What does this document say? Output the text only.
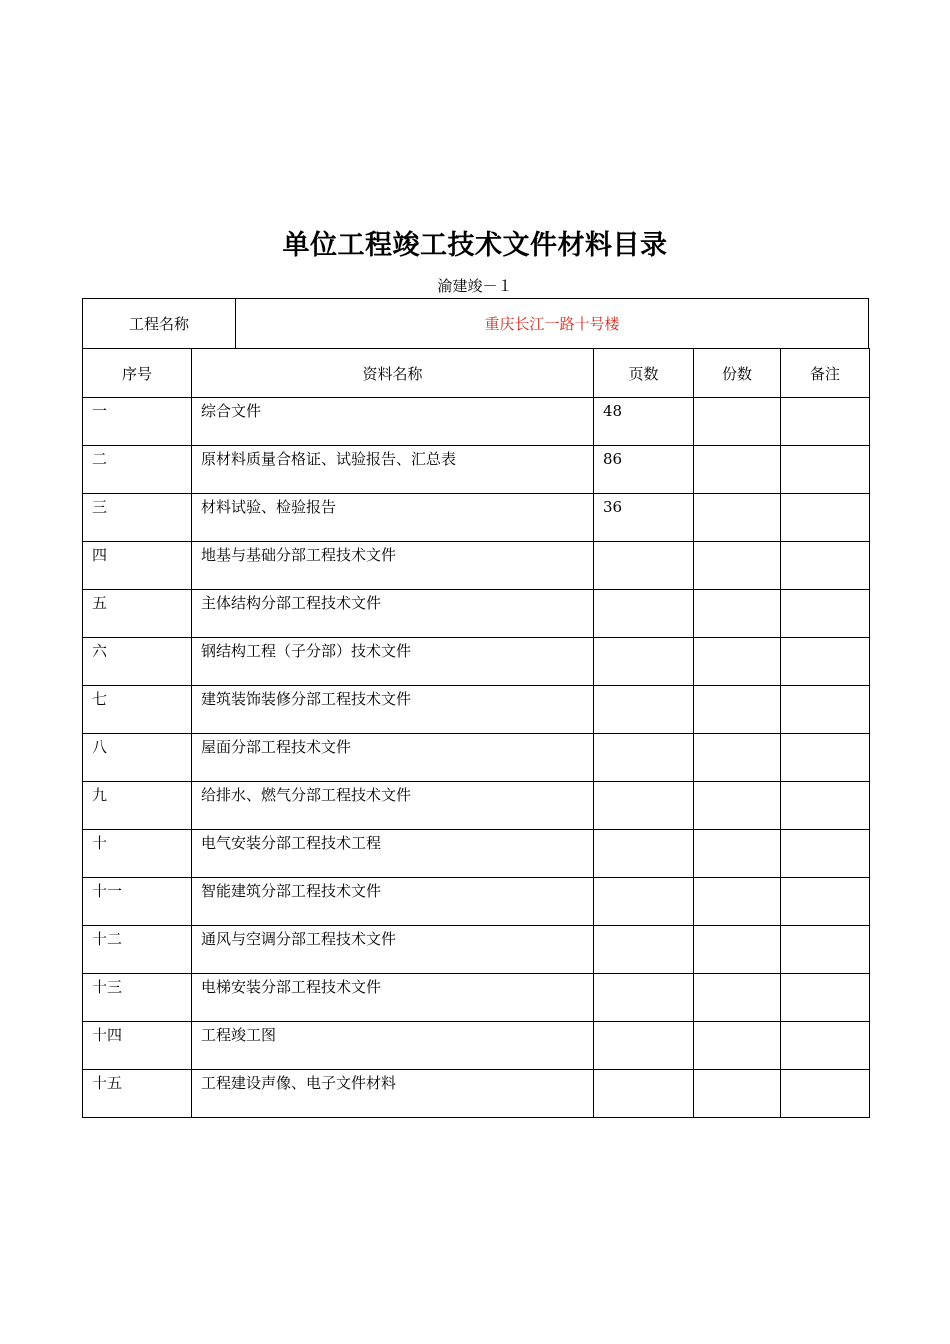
单位工程竣工技术文件材料目录
渝建竣－１
工程名称	重庆长江一路十号楼
序号	资料名称	页数	份数	备注
一	综合文件	48		
二	原材料质量合格证、试验报告、汇总表	86		
三	材料试验、检验报告	36		
四	地基与基础分部工程技术文件			
五	主体结构分部工程技术文件			
六	钢结构工程（子分部）技术文件			
七	建筑装饰装修分部工程技术文件			
八	屋面分部工程技术文件			
九	给排水、燃气分部工程技术文件			
十	电气安装分部工程技术工程			
十一	智能建筑分部工程技术文件			
十二	通风与空调分部工程技术文件			
十三	电梯安装分部工程技术文件			
十四	工程竣工图			
十五	工程建设声像、电子文件材料			
